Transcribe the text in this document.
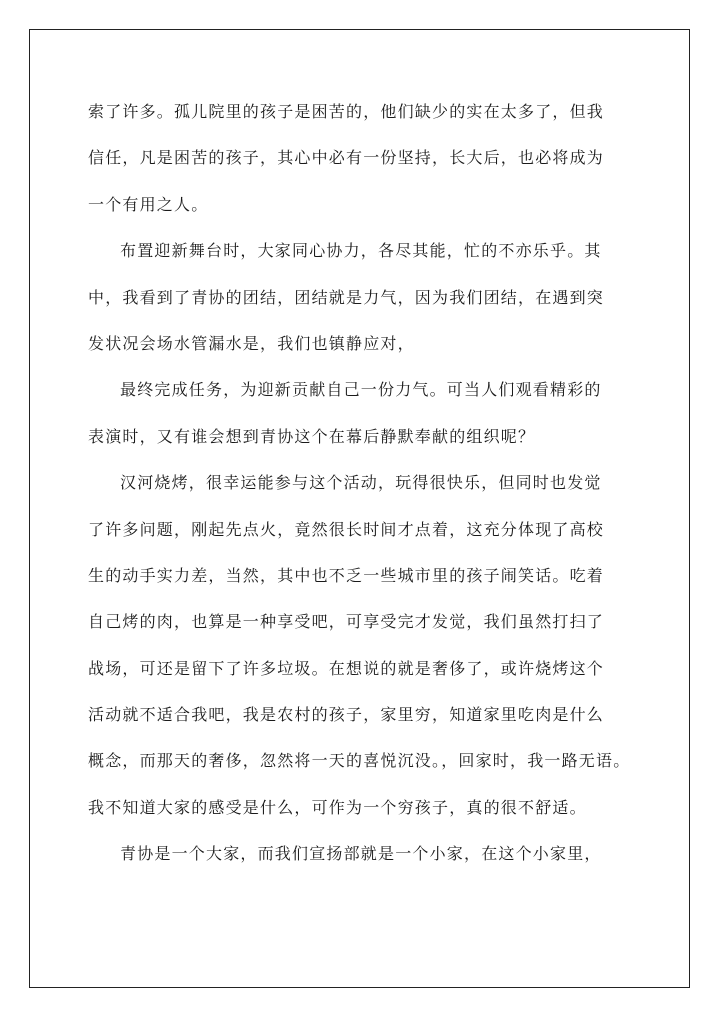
索了许多。孤儿院里的孩子是困苦的，他们缺少的实在太多了，但我
信任，凡是困苦的孩子，其心中必有一份坚持，长大后，也必将成为
一个有用之人。
布置迎新舞台时，大家同心协力，各尽其能，忙的不亦乐乎。其
中，我看到了青协的团结，团结就是力气，因为我们团结，在遇到突
发状况会场水管漏水是，我们也镇静应对，
最终完成任务，为迎新贡献自己一份力气。可当人们观看精彩的
表演时，又有谁会想到青协这个在幕后静默奉献的组织呢？
汉河烧烤，很幸运能参与这个活动，玩得很快乐，但同时也发觉
了许多问题，刚起先点火，竟然很长时间才点着，这充分体现了高校
生的动手实力差，当然，其中也不乏一些城市里的孩子闹笑话。吃着
自己烤的肉，也算是一种享受吧，可享受完才发觉，我们虽然打扫了
战场，可还是留下了许多垃圾。在想说的就是奢侈了，或许烧烤这个
活动就不适合我吧，我是农村的孩子，家里穷，知道家里吃肉是什么
概念，而那天的奢侈，忽然将一天的喜悦沉没。，回家时，我一路无语。
我不知道大家的感受是什么，可作为一个穷孩子，真的很不舒适。
青协是一个大家，而我们宣扬部就是一个小家，在这个小家里，
